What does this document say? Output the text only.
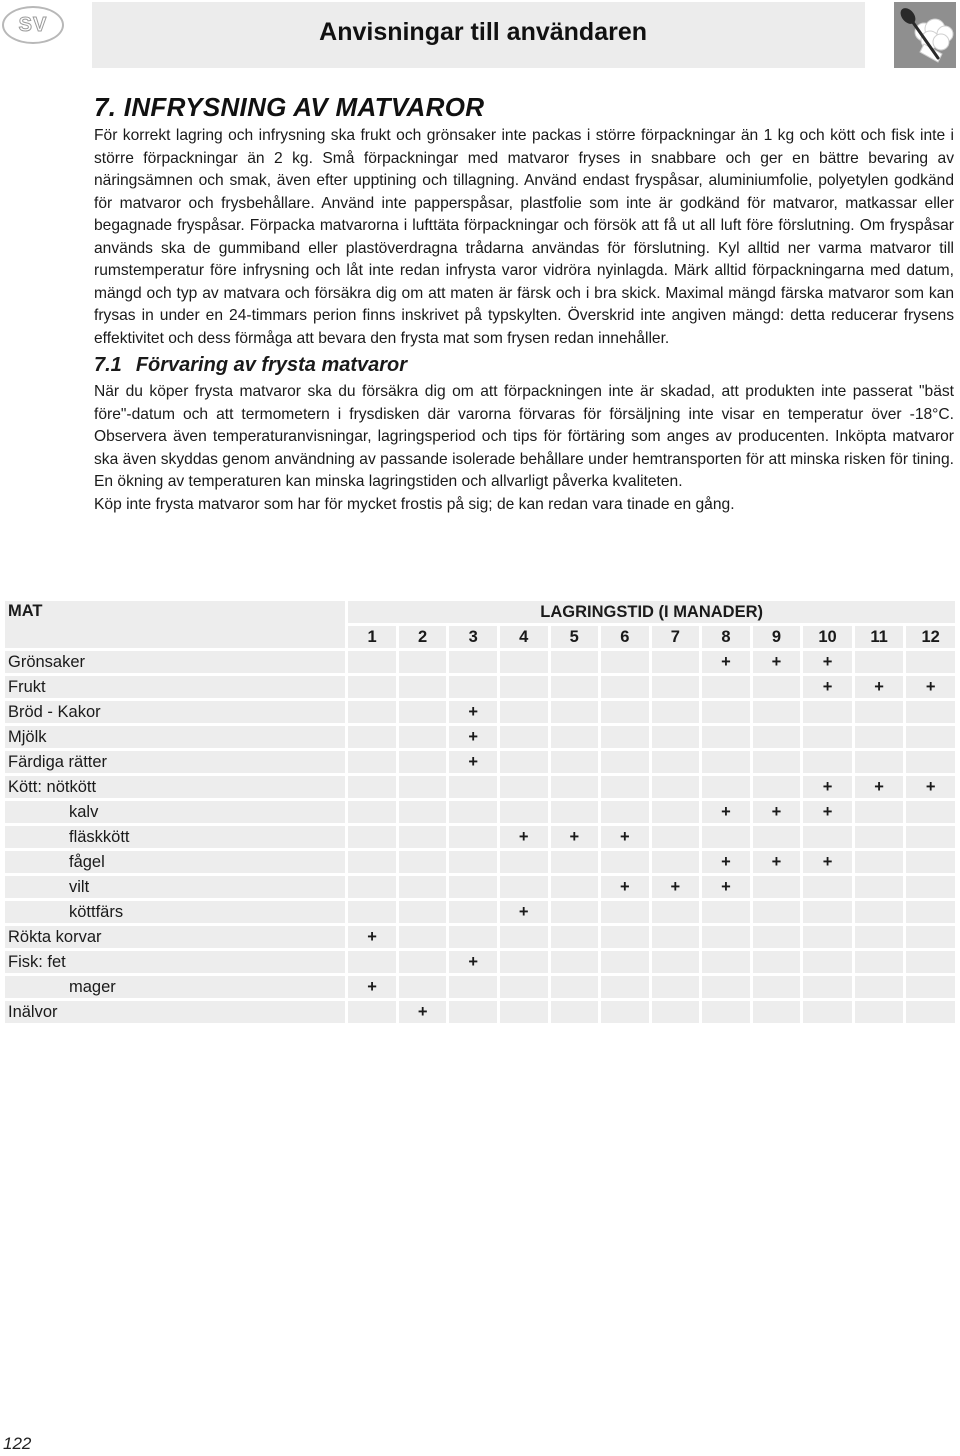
SV	Anvisningar till användaren
7. INFRYSNING AV MATVAROR

För korrekt lagring och infrysning ska frukt och grönsaker inte packas i större förpackningar än 1 kg och kött och fisk inte i större förpackningar än 2 kg. Små förpackningar med matvaror fryses in snabbare och ger en bättre bevaring av näringsämnen och smak, även efter upptining och tillagning. Använd endast fryspåsar, aluminiumfolie, polyetylen godkänd för matvaror och frysbehållare. Använd inte papperspåsar, plastfolie som inte är godkänd för matvaror, matkassar eller begagnade fryspåsar. Förpacka matvarorna i lufttäta förpackningar och försök att få ut all luft före förslutning. Om fryspåsar används ska de gummiband eller plastöverdragna trådarna användas för förslutning. Kyl alltid ner varma matvaror till rumstemperatur före infrysning och låt inte redan infrysta varor vidröra nyinlagda. Märk alltid förpackningarna med datum, mängd och typ av matvara och försäkra dig om att maten är färsk och i bra skick. Maximal mängd färska matvaror som kan frysas in under en 24-timmars perion finns inskrivet på typskylten. Överskrid inte angiven mängd: detta reducerar frysens effektivitet och dess förmåga att bevara den frysta mat som frysen redan innehåller.

7.1 Förvaring av frysta matvaror

När du köper frysta matvaror ska du försäkra dig om att förpackningen inte är skadad, att produkten inte passerat "bäst före"-datum och att termometern i frysdisken där varorna förvaras för försäljning inte visar en temperatur över -18°C. Observera även temperaturanvisningar, lagringsperiod och tips för förtäring som anges av producenten. Inköpta matvaror ska även skyddas genom användning av passande isolerade behållare under hemtransporten för att minska risken för tining. En ökning av temperaturen kan minska lagringstiden och allvarligt påverka kvaliteten.

Köp inte frysta matvaror som har för mycket frostis på sig; de kan redan vara tinade en gång.

MAT	LAGRINGSTID (I MANADER)											
	1	2	3	4	5	6	7	8	9	10	11	12
Grönsaker								+	+	+		
Frukt										+	+	+
Bröd - Kakor			+									
Mjölk			+									
Färdiga rätter			+									
Kött: nötkött										+	+	+
kalv								+	+	+		
fläskkött				+	+	+						
fågel								+	+	+		
vilt						+	+	+				
köttfärs				+								
Rökta korvar	+											
Fisk: fet			+									
mager	+											
Inälvor		+										
122
